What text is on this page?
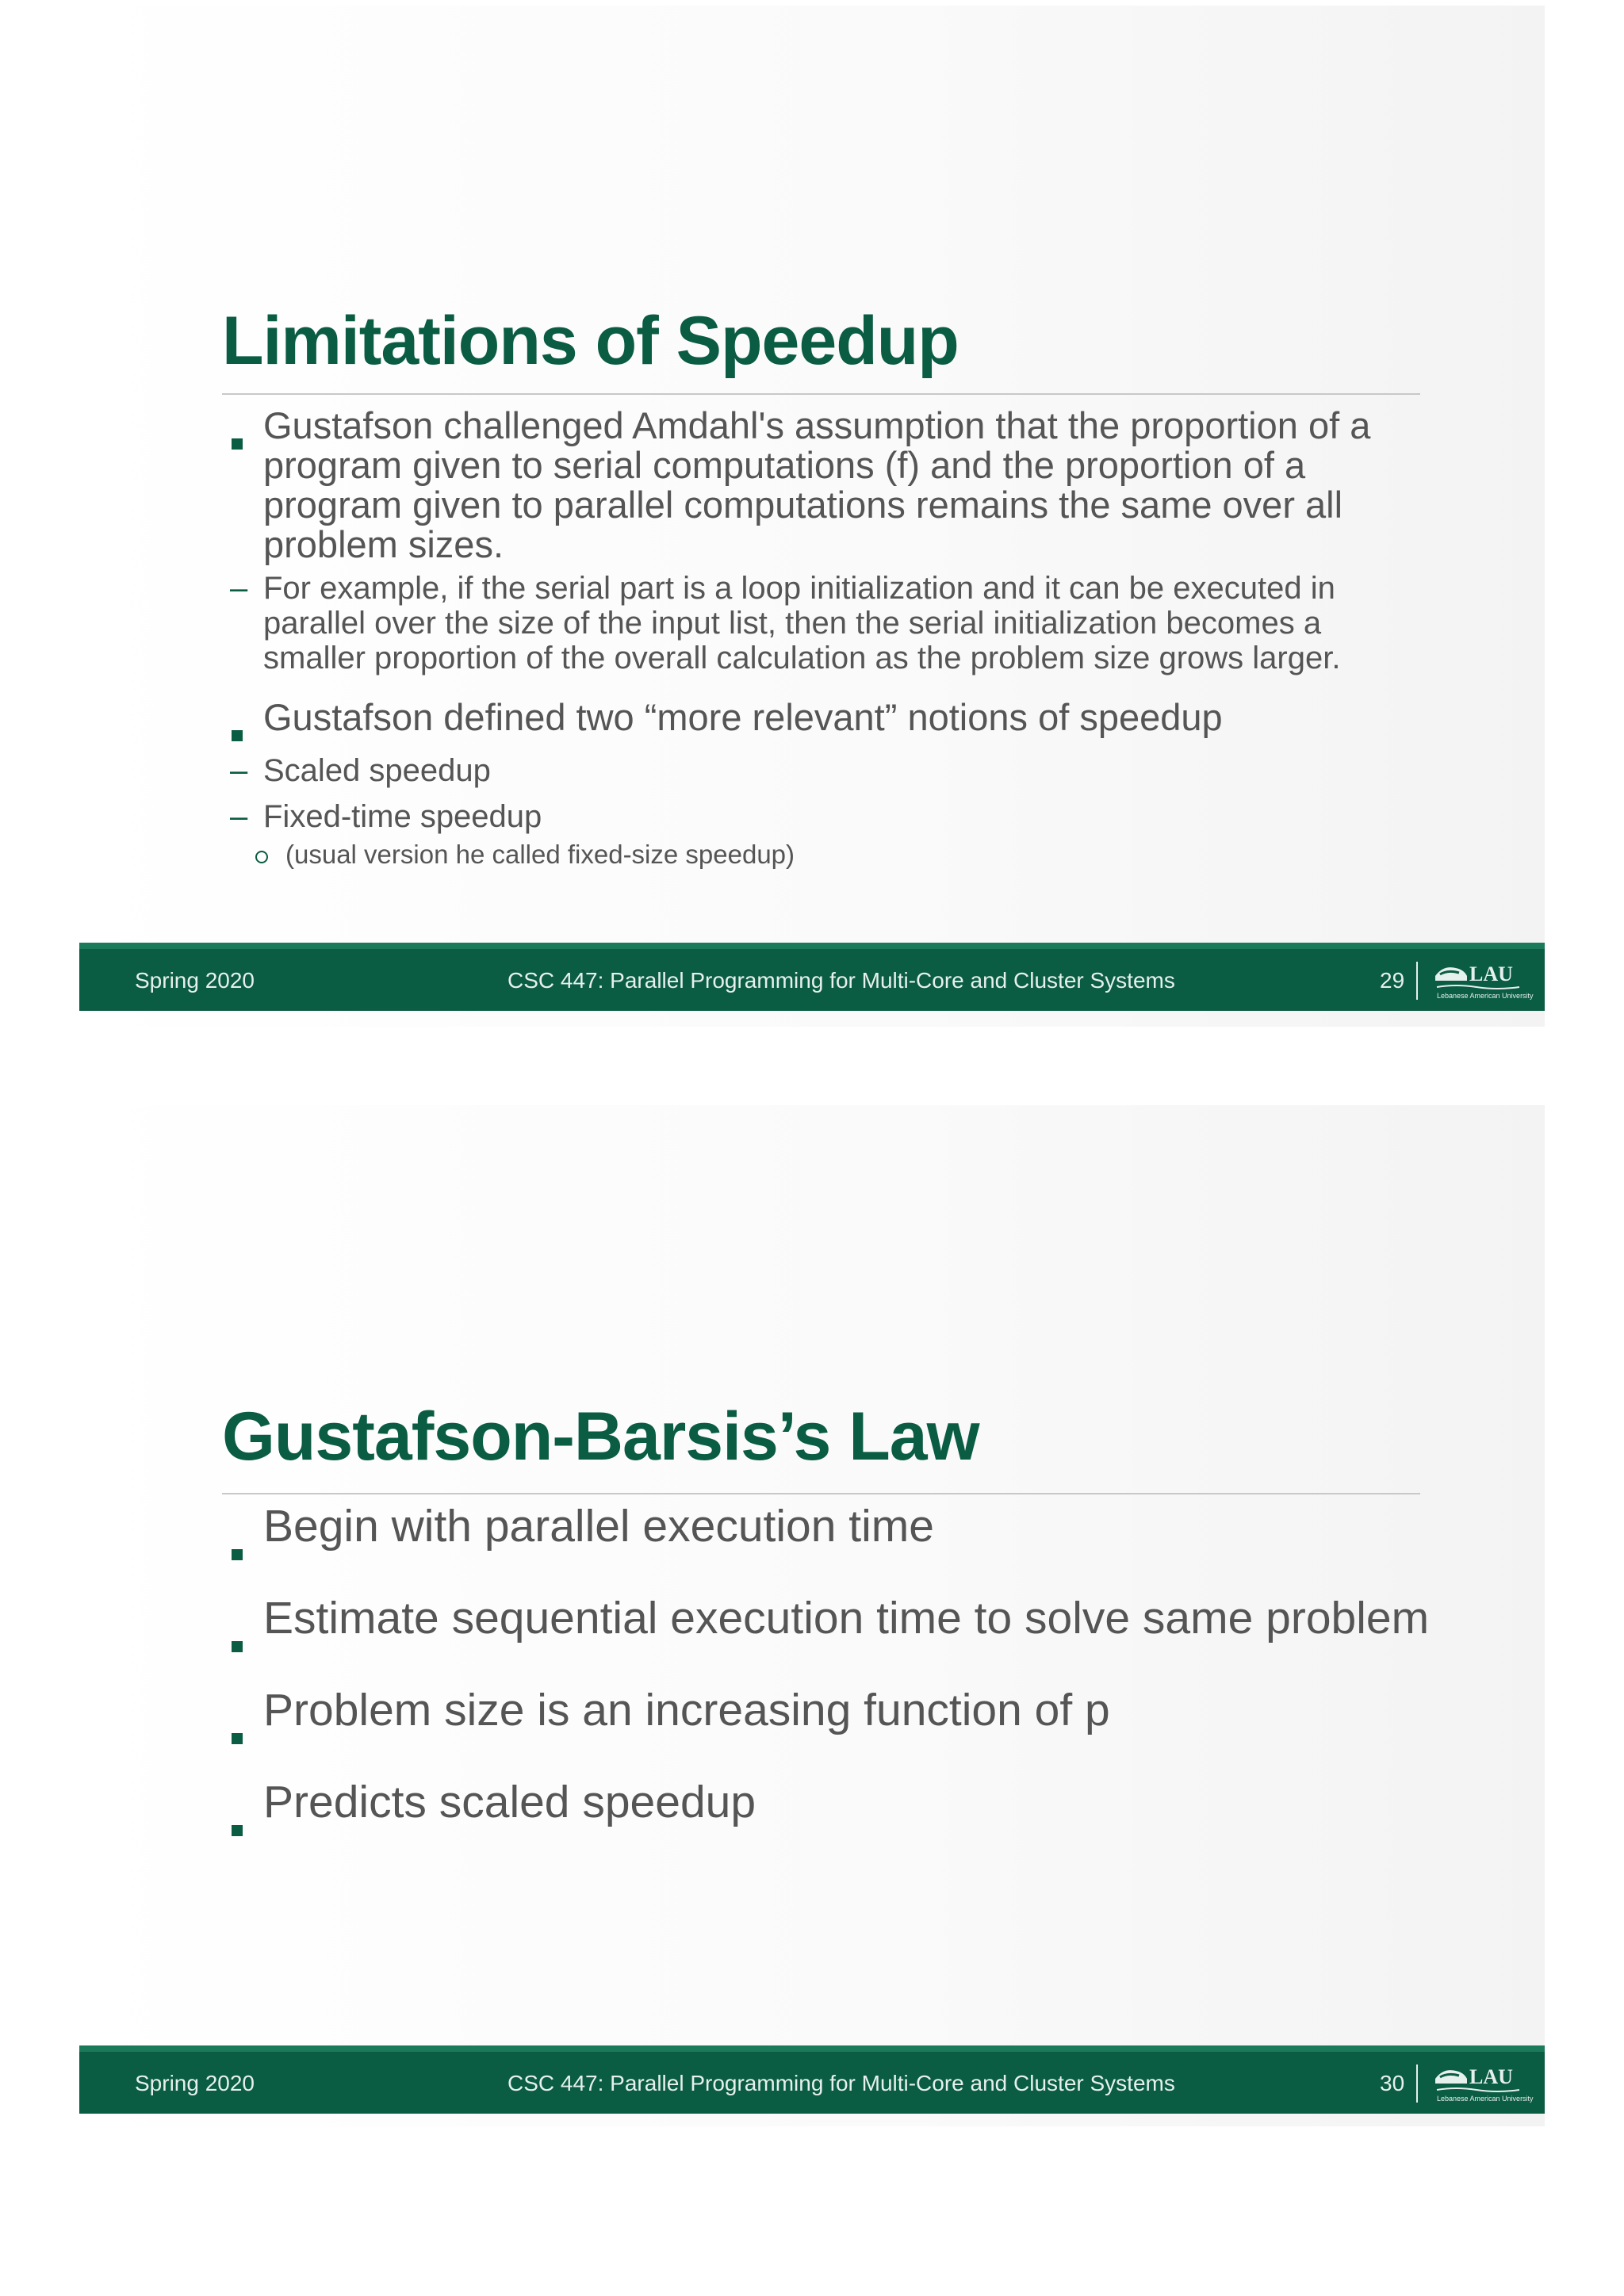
Limitations of Speedup
Gustafson challenged Amdahl's assumption that the proportion of a program given to serial computations (f) and the proportion of a program given to parallel computations remains the same over all problem sizes.
– For example, if the serial part is a loop initialization and it can be executed in parallel over the size of the input list, then the serial initialization becomes a smaller proportion of the overall calculation as the problem size grows larger.
Gustafson defined two “more relevant” notions of speedup
– Scaled speedup
– Fixed-time speedup
(usual version he called fixed-size speedup)
Spring 2020	CSC 447: Parallel Programming for Multi-Core and Cluster Systems	29	LAU
Lebanese American University
Gustafson-Barsis’s Law
Begin with parallel execution time
Estimate sequential execution time to solve same problem
Problem size is an increasing function of p
Predicts scaled speedup
Spring 2020	CSC 447: Parallel Programming for Multi-Core and Cluster Systems	30	LAU
Lebanese American University
